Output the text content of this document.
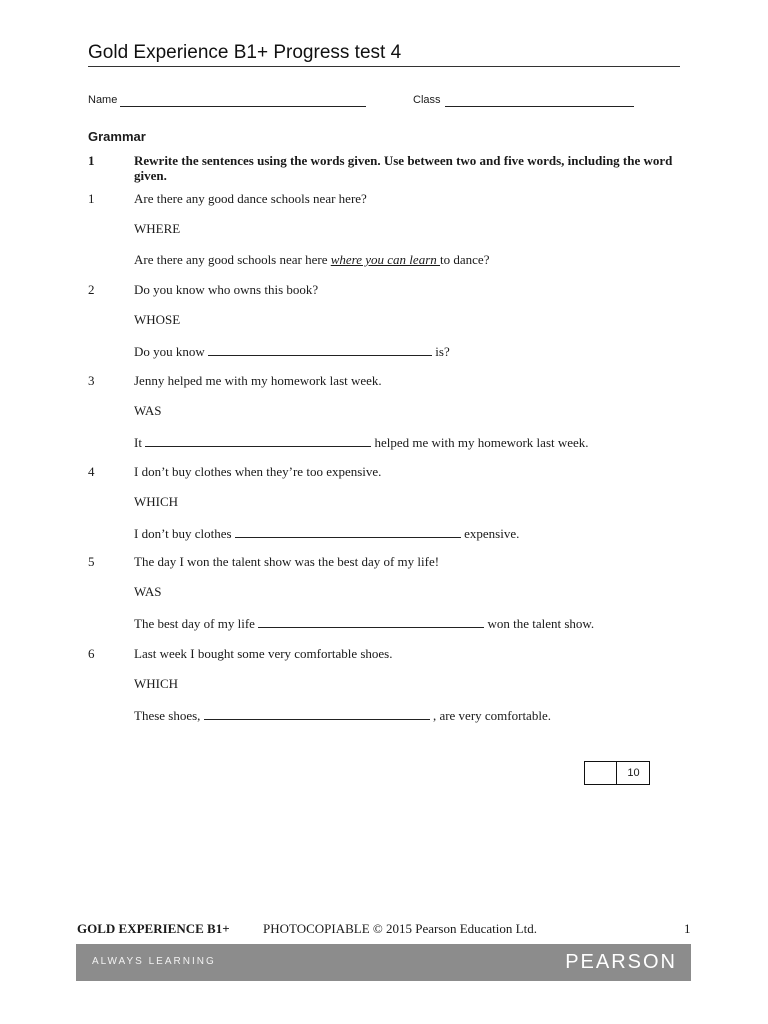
Gold Experience B1+ Progress test 4
Name	Class
Grammar
1	Rewrite the sentences using the words given. Use between two and five words, including the word given.
1	Are there any good dance schools near here?
WHERE
Are there any good schools near here where you can learn to dance?
2	Do you know who owns this book?
WHOSE
Do you know	is?
3	Jenny helped me with my homework last week.
WAS
It	helped me with my homework last week.
4	I don’t buy clothes when they’re too expensive.
WHICH
I don’t buy clothes	expensive.
5	The day I won the talent show was the best day of my life!
WAS
The best day of my life	won the talent show.
6	Last week I bought some very comfortable shoes.
WHICH
These shoes,	, are very comfortable.
10
GOLD EXPERIENCE B1+	PHOTOCOPIABLE © 2015 Pearson Education Ltd.	1
ALWAYS LEARNING	PEARSON
